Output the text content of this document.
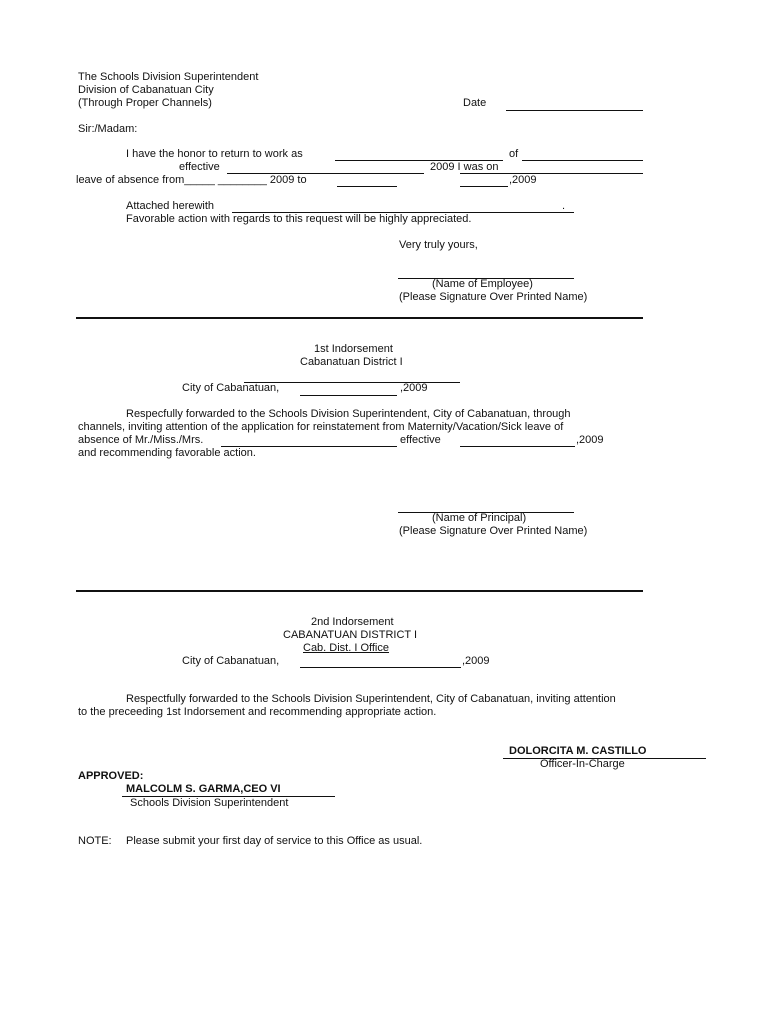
The Schools Division Superintendent
Division of Cabanatuan City
(Through Proper Channels)	Date
Sir:/Madam:
I have the honor to return to work as	of
effective	2009 I was on
leave of absence from_____ ________ 2009 to	,2009
Attached herewith	.
Favorable action with regards to this request will be highly appreciated.
Very truly yours,
(Name of Employee)
(Please Signature Over Printed Name)
1st Indorsement
Cabanatuan District I
City of Cabanatuan,	,2009
Respecfully forwarded to the Schools Division Superintendent, City of Cabanatuan, through
channels, inviting attention of the application for reinstatement from Maternity/Vacation/Sick leave of
absence of Mr./Miss./Mrs.	effective	,2009
and recommending favorable action.
(Name of Principal)
(Please Signature Over Printed Name)
2nd Indorsement
CABANATUAN DISTRICT I
Cab. Dist. I Office
City of Cabanatuan,	,2009
Respectfully forwarded to the Schools Division Superintendent, City of Cabanatuan, inviting attention
to the preceeding 1st Indorsement and recommending appropriate action.
DOLORCITA M. CASTILLO
Officer-In-Charge
APPROVED:
MALCOLM S. GARMA,CEO VI
Schools Division Superintendent
NOTE: Please submit your first day of service to this Office as usual.
